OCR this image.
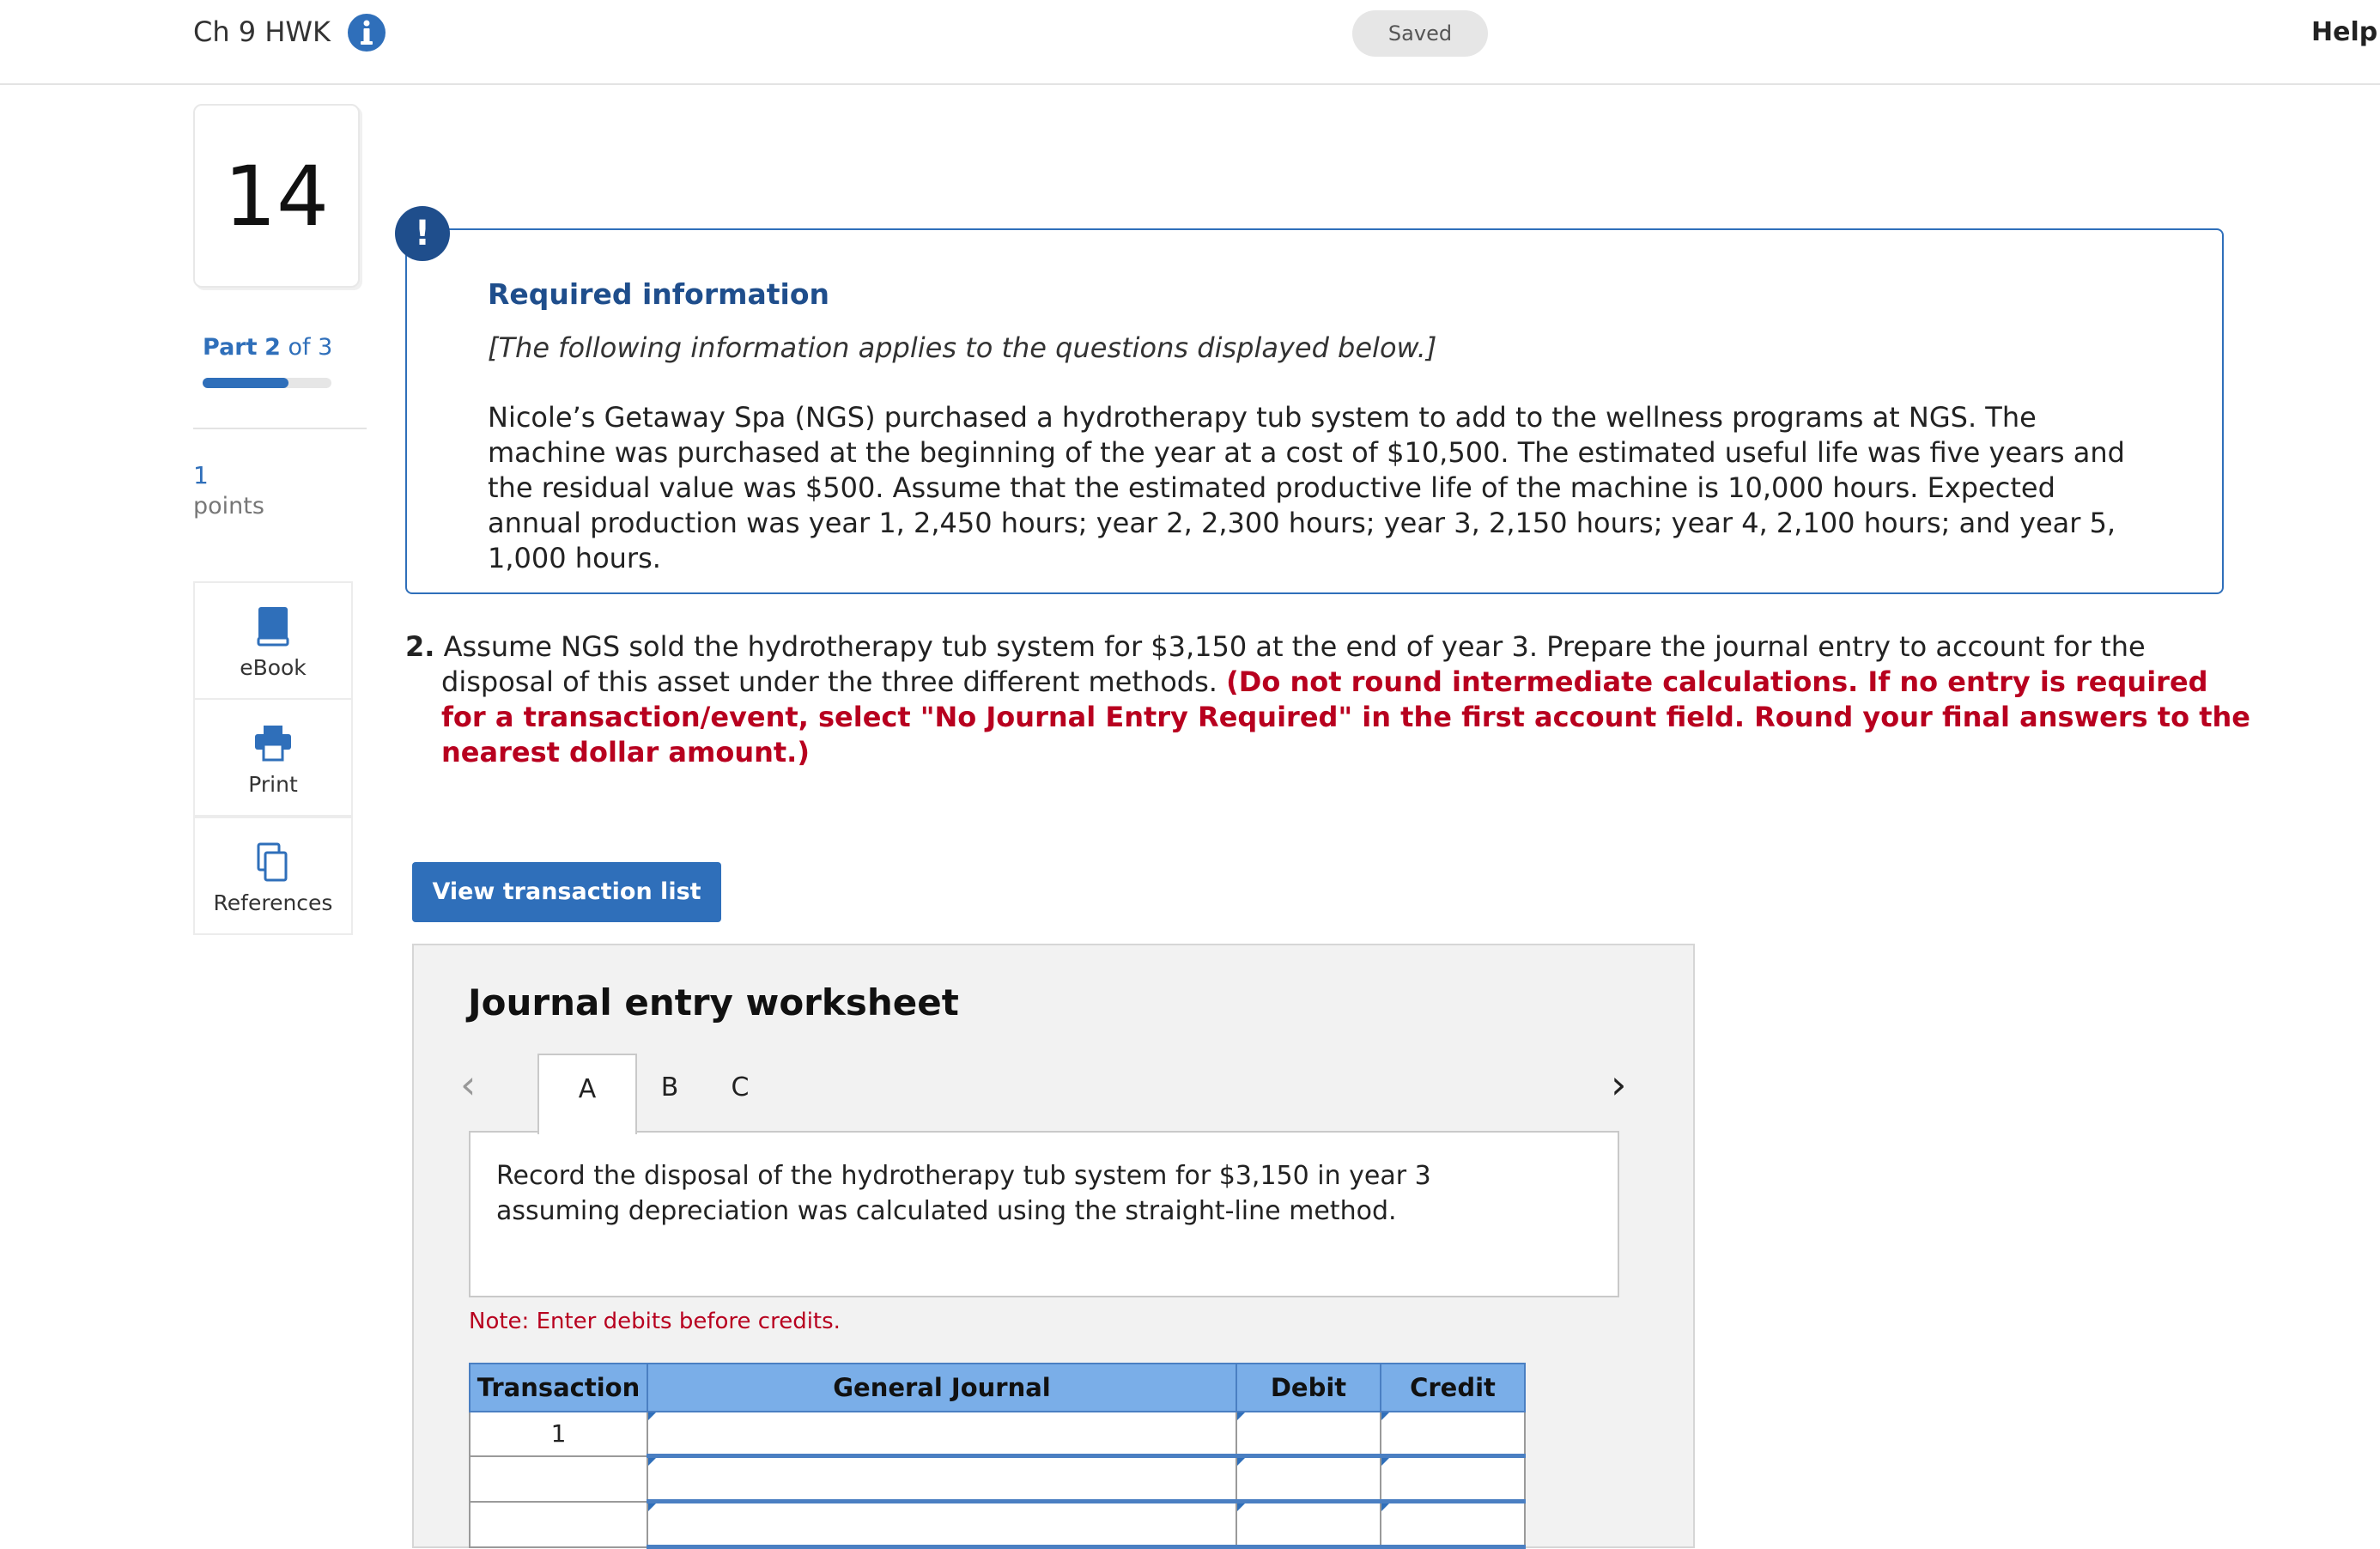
Ch 9 HWK	Saved	Help
14
Part 2 of 3
1
points
eBook
Print
References
!
Required information
[The following information applies to the questions displayed below.]
Nicole’s Getaway Spa (NGS) purchased a hydrotherapy tub system to add to the wellness programs at NGS. The machine was purchased at the beginning of the year at a cost of $10,500. The estimated useful life was five years and the residual value was $500. Assume that the estimated productive life of the machine is 10,000 hours. Expected annual production was year 1, 2,450 hours; year 2, 2,300 hours; year 3, 2,150 hours; year 4, 2,100 hours; and year 5, 1,000 hours.
2. Assume NGS sold the hydrotherapy tub system for $3,150 at the end of year 3. Prepare the journal entry to account for the disposal of this asset under the three different methods. (Do not round intermediate calculations. If no entry is required for a transaction/event, select "No Journal Entry Required" in the first account field. Round your final answers to the nearest dollar amount.)
View transaction list
Journal entry worksheet
‹	A	B	C	›
Record the disposal of the hydrotherapy tub system for $3,150 in year 3 assuming depreciation was calculated using the straight-line method.
Note: Enter debits before credits.
Transaction	General Journal	Debit	Credit
1	
